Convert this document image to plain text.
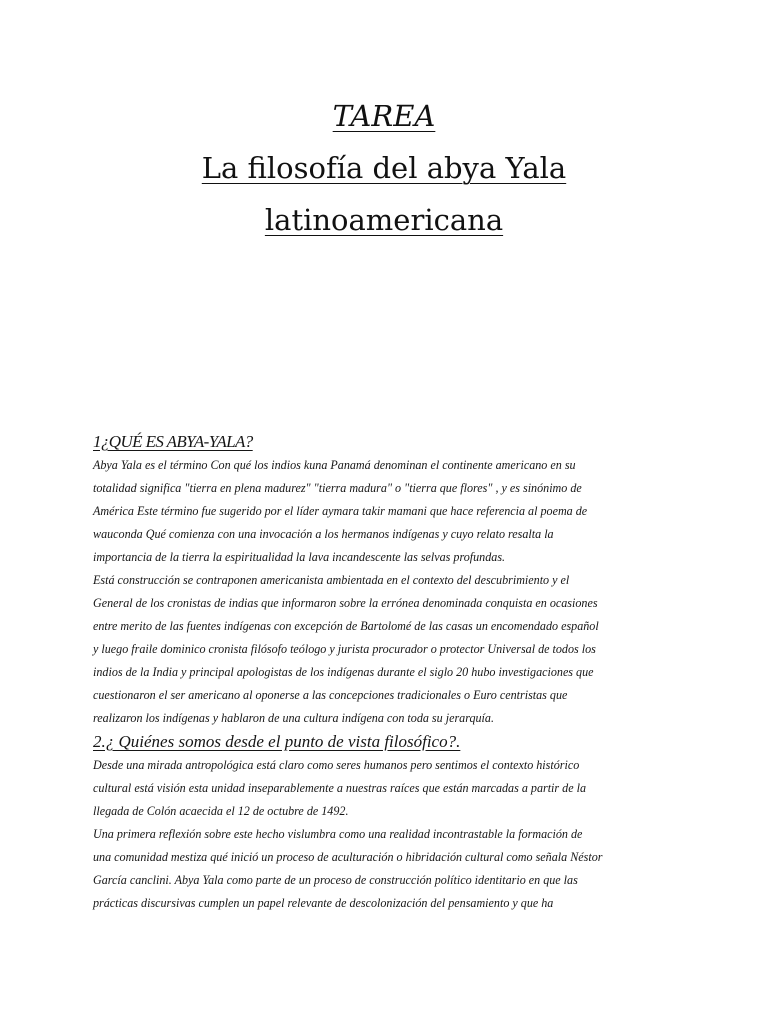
TAREA
La filosofía del abya Yala
latinoamericana
1¿QUÉ ES ABYA-YALA?
Abya Yala es el término Con qué los indios kuna Panamá denominan el continente americano en su
totalidad significa "tierra en plena madurez" "tierra madura" o "tierra que flores" , y es sinónimo de
América Este término fue sugerido por el líder aymara takir mamani que hace referencia al poema de
wauconda Qué comienza con una invocación a los hermanos indígenas y cuyo relato resalta la
importancia de la tierra la espiritualidad la lava incandescente las selvas profundas.
Está construcción se contraponen americanista ambientada en el contexto del descubrimiento y el
General de los cronistas de indias que informaron sobre la errónea denominada conquista en ocasiones
entre merito de las fuentes indígenas con excepción de Bartolomé de las casas un encomendado español
y luego fraile dominico cronista filósofo teólogo y jurista procurador o protector Universal de todos los
indios de la India y principal apologistas de los indígenas durante el siglo 20 hubo investigaciones que
cuestionaron el ser americano al oponerse a las concepciones tradicionales o Euro centristas que
realizaron los indígenas y hablaron de una cultura indígena con toda su jerarquía.
2.¿ Quiénes somos desde el punto de vista filosófico?.
Desde una mirada antropológica está claro como seres humanos pero sentimos el contexto histórico
cultural está visión esta unidad inseparablemente a nuestras raíces que están marcadas a partir de la
llegada de Colón acaecida el 12 de octubre de 1492.
Una primera reflexión sobre este hecho vislumbra como una realidad incontrastable la formación de
una comunidad mestiza qué inició un proceso de aculturación o hibridación cultural como señala Néstor
García canclini. Abya Yala como parte de un proceso de construcción político identitario en que las
prácticas discursivas cumplen un papel relevante de descolonización del pensamiento y que ha
